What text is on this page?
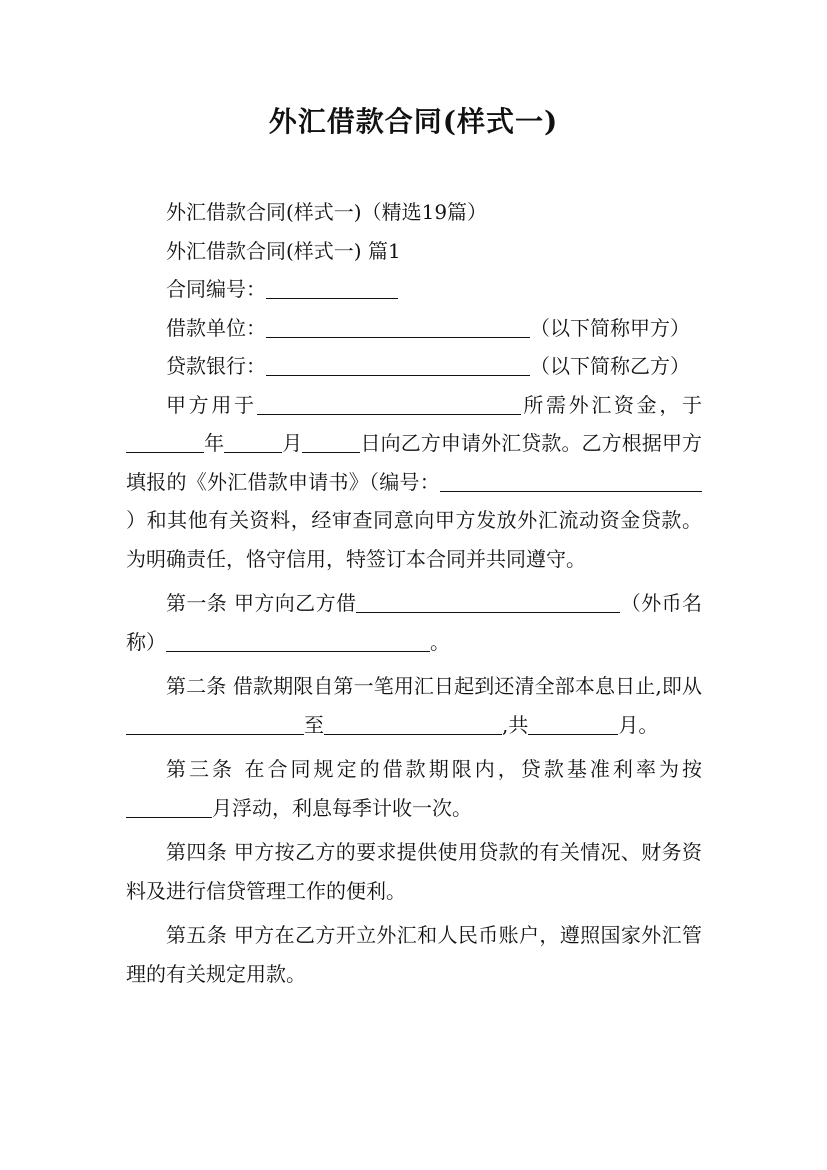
外汇借款合同(样式一)

外汇借款合同(样式一)（精选19篇）

外汇借款合同(样式一) 篇1

合同编号：

借款单位：	（以下简称甲方）

贷款银行：	（以下简称乙方）

甲方用于	所需外汇资金，于年	月	日向乙方申请外汇贷款。乙方根据甲方填报的《外汇借款申请书》（编号：）和其他有关资料，经审查同意向甲方发放外汇流动资金贷款。为明确责任，恪守信用，特签订本合同并共同遵守。

第一条 甲方向乙方借	（外币名称）	。

第二条 借款期限自第一笔用汇日起到还清全部本息日止,即从至	,共	月。

第三条 在合同规定的借款期限内，贷款基准利率为按月浮动，利息每季计收一次。

第四条 甲方按乙方的要求提供使用贷款的有关情况、财务资料及进行信贷管理工作的便利。

第五条 甲方在乙方开立外汇和人民币账户，遵照国家外汇管理的有关规定用款。
